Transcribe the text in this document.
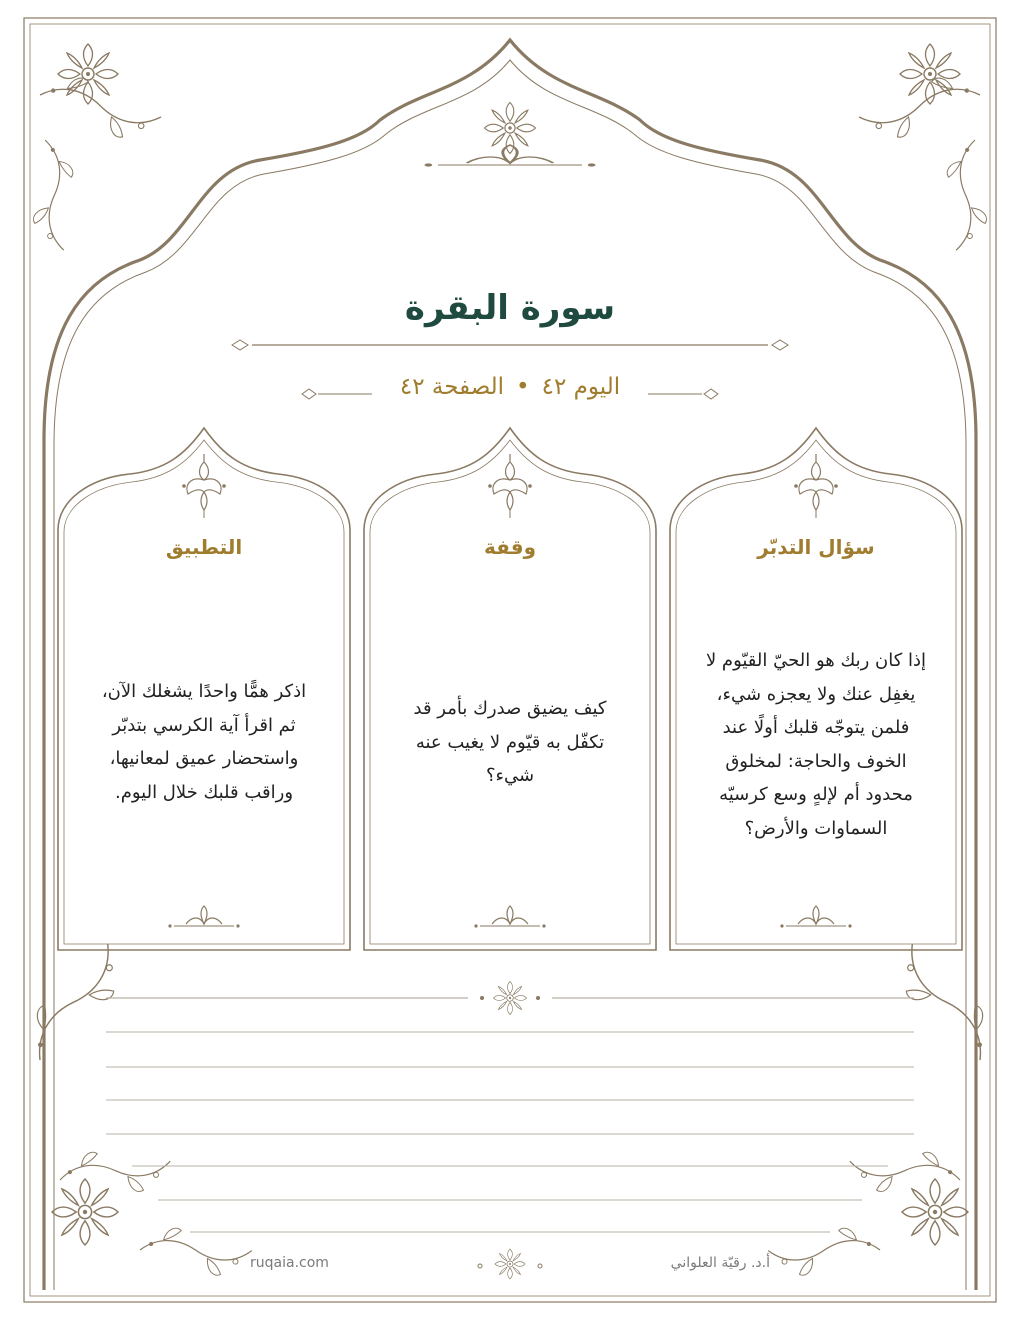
سورة البقرة
اليوم ٤٢•الصفحة ٤٢
سؤال التدبّر
إذا كان ربك هو الحيّ القيّوم لا
يغفِل عنك ولا يعجزه شيء،
فلمن يتوجّه قلبك أولًا عند
الخوف والحاجة: لمخلوق
محدود أم لإلهٍ وسع كرسيّه
السماوات والأرض؟
وقفة
كيف يضيق صدرك بأمر قد
تكفّل به قيّوم لا يغيب عنه
شيء؟
التطبيق
اذكر همًّا واحدًا يشغلك الآن،
ثم اقرأ آية الكرسي بتدبّر
واستحضار عميق لمعانيها،
وراقب قلبك خلال اليوم.
أ.د. رقيّة العلواني
ruqaia.com
